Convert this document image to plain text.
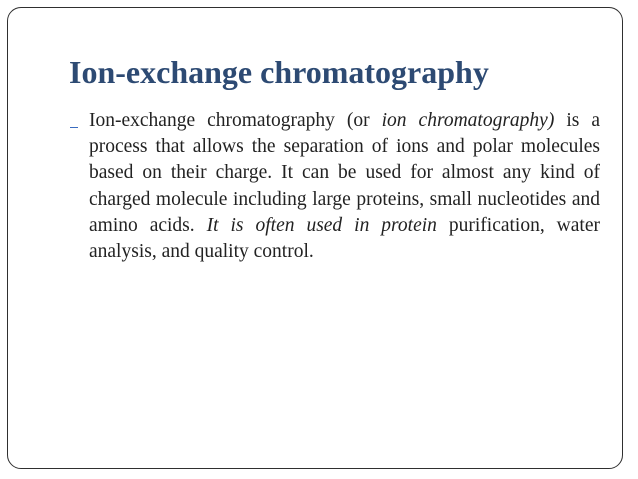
Ion-exchange chromatography

Ion-exchange chromatography (or ion chromatography) is a process that allows the separation of ions and polar molecules based on their charge. It can be used for almost any kind of charged molecule including large proteins, small nucleotides and amino acids. It is often used in protein purification, water analysis, and quality control.
